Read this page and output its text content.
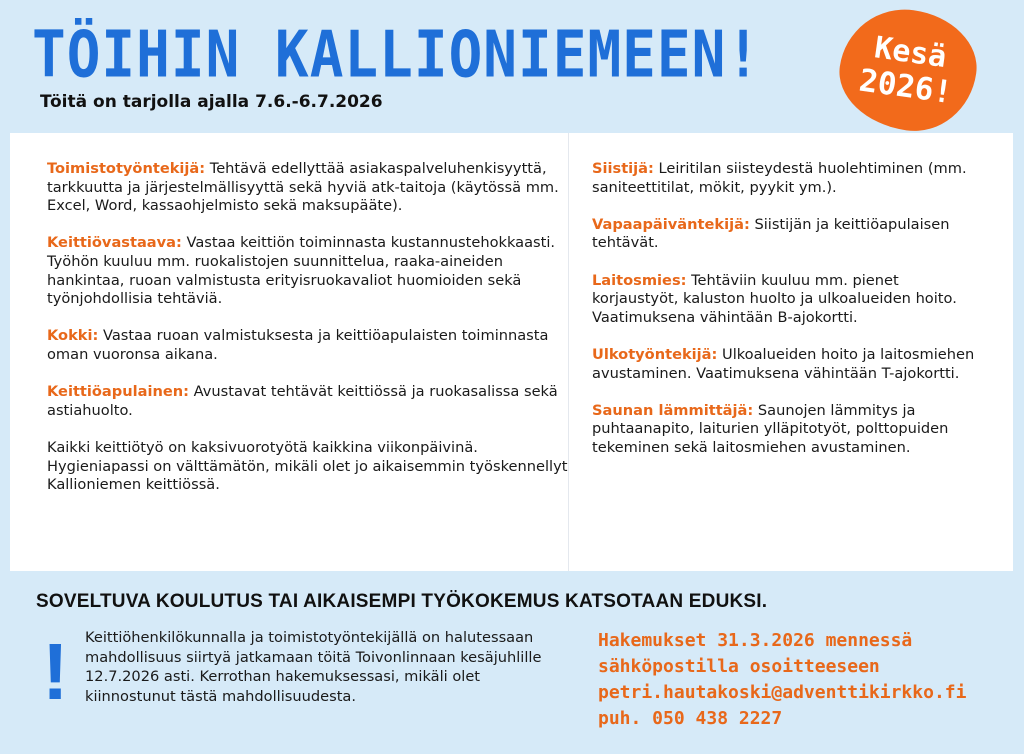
TÖIHIN KALLIONIEMEEN!
Töitä on tarjolla ajalla 7.6.-6.7.2026
Kesä
2026!

Toimistotyöntekijä: Tehtävä edellyttää asiakaspalveluhenkisyyttä, tarkkuutta ja järjestelmällisyyttä sekä hyviä atk-taitoja (käytössä mm. Excel, Word, kassaohjelmisto sekä maksupääte).

Keittiövastaava: Vastaa keittiön toiminnasta kustannustehokkaasti. Työhön kuuluu mm. ruokalistojen suunnittelua, raaka-aineiden hankintaa, ruoan valmistusta erityisruokavaliot huomioiden sekä työnjohdollisia tehtäviä.

Kokki: Vastaa ruoan valmistuksesta ja keittiöapulaisten toiminnasta oman vuoronsa aikana.

Keittiöapulainen: Avustavat tehtävät keittiössä ja ruokasalissa sekä astiahuolto.

Kaikki keittiötyö on kaksivuorotyötä kaikkina viikonpäivinä. Hygieniapassi on välttämätön, mikäli olet jo aikaisemmin työskennellyt Kallioniemen keittiössä.

Siistijä: Leiritilan siisteydestä huolehtiminen (mm. saniteettitilat, mökit, pyykit ym.).

Vapaapäiväntekijä: Siistijän ja keittiöapulaisen tehtävät.

Laitosmies: Tehtäviin kuuluu mm. pienet korjaustyöt, kaluston huolto ja ulkoalueiden hoito. Vaatimuksena vähintään B-ajokortti.

Ulkotyöntekijä: Ulkoalueiden hoito ja laitosmiehen avustaminen. Vaatimuksena vähintään T-ajokortti.

Saunan lämmittäjä: Saunojen lämmitys ja puhtaanapito, laiturien ylläpitotyöt, polttopuiden tekeminen sekä laitosmiehen avustaminen.

SOVELTUVA KOULUTUS TAI AIKAISEMPI TYÖKOKEMUS KATSOTAAN EDUKSI.
! Keittiöhenkilökunnalla ja toimistotyöntekijällä on halutessaan mahdollisuus siirtyä jatkamaan töitä Toivonlinnaan kesäjuhlille 12.7.2026 asti. Kerrothan hakemuksessasi, mikäli olet kiinnostunut tästä mahdollisuudesta.
Hakemukset 31.3.2026 mennessä
sähköpostilla osoitteeseen
petri.hautakoski@adventtikirkko.fi
puh. 050 438 2227
